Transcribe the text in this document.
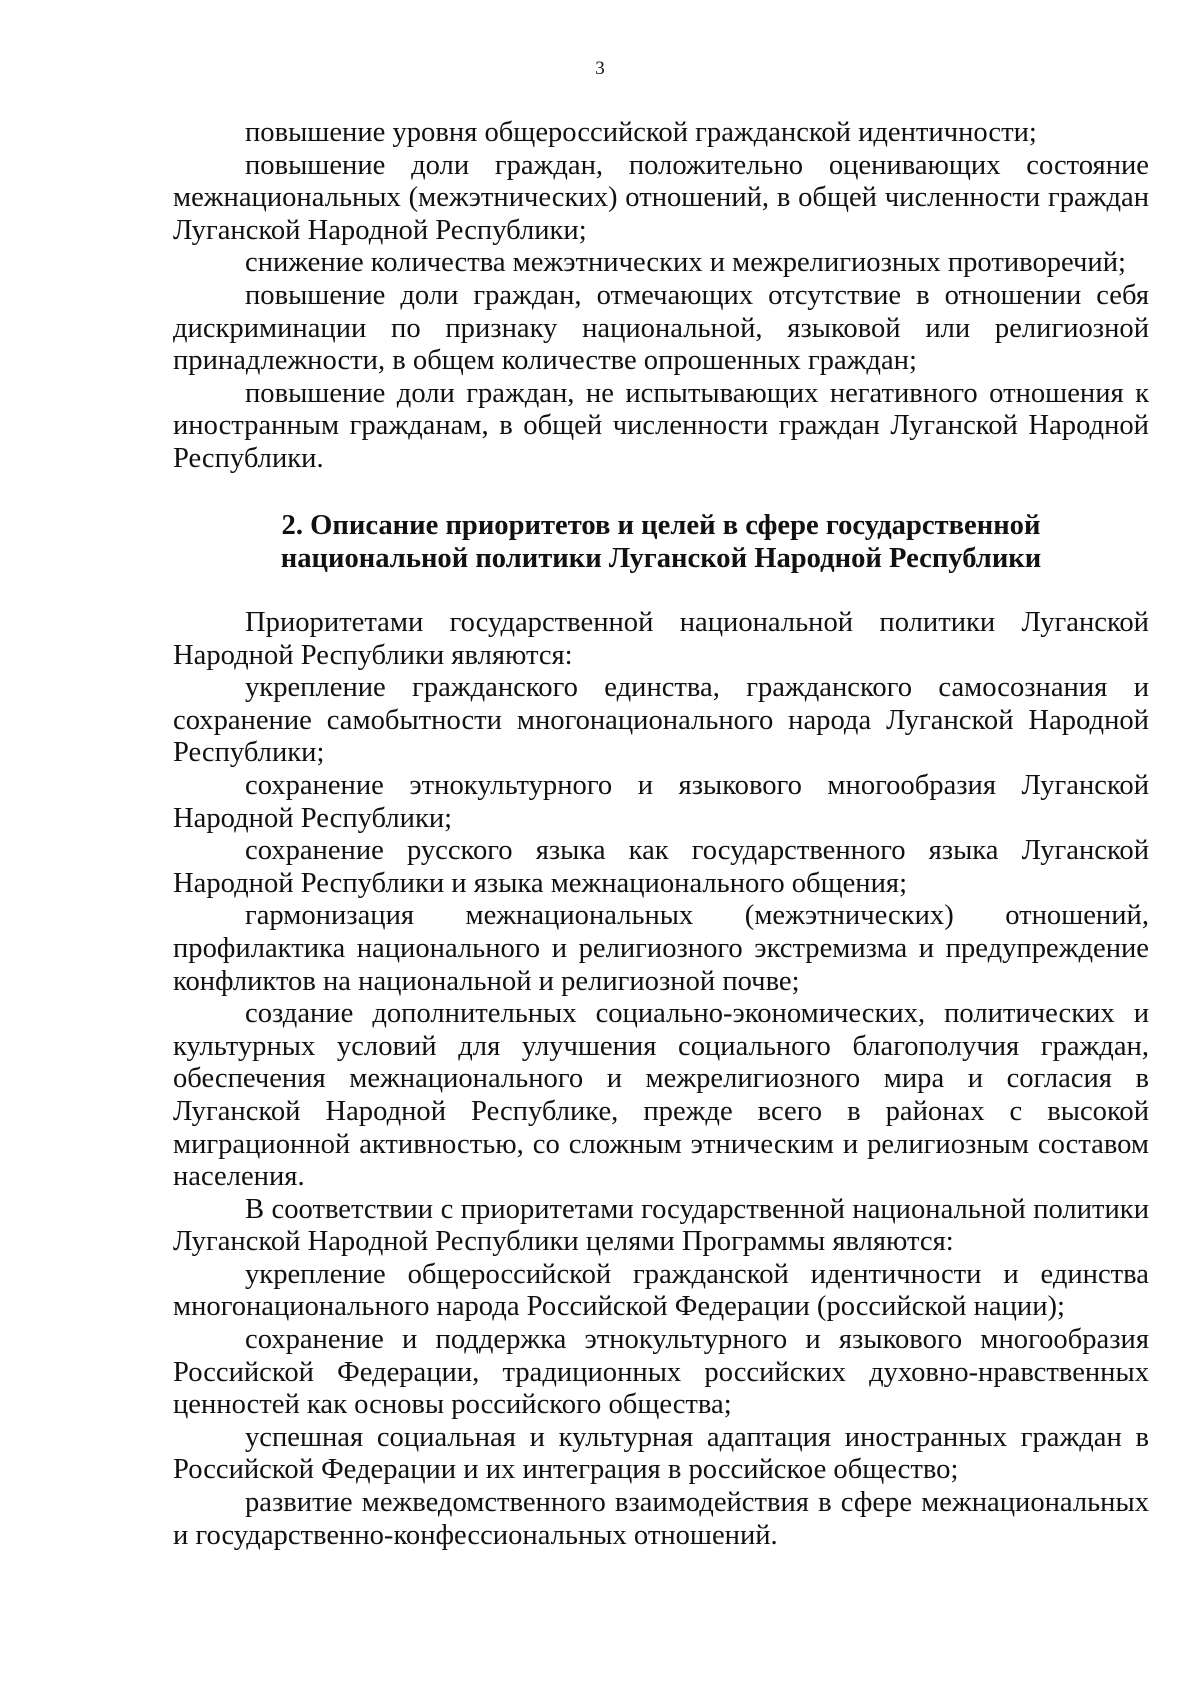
3

повышение уровня общероссийской гражданской идентичности;

повышение доли граждан, положительно оценивающих состояние межнациональных (межэтнических) отношений, в общей численности граждан Луганской Народной Республики;

снижение количества межэтнических и межрелигиозных противоречий;

повышение доли граждан, отмечающих отсутствие в отношении себя дискриминации по признаку национальной, языковой или религиозной принадлежности, в общем количестве опрошенных граждан;

повышение доли граждан, не испытывающих негативного отношения к иностранным гражданам, в общей численности граждан Луганской Народной Республики.

2. Описание приоритетов и целей в сфере государственной
национальной политики Луганской Народной Республики

Приоритетами государственной национальной политики Луганской Народной Республики являются:

укрепление гражданского единства, гражданского самосознания и сохранение самобытности многонационального народа Луганской Народной Республики;

сохранение этнокультурного и языкового многообразия Луганской Народной Республики;

сохранение русского языка как государственного языка Луганской Народной Республики и языка межнационального общения;

гармонизация межнациональных (межэтнических) отношений, профилактика национального и религиозного экстремизма и предупреждение конфликтов на национальной и религиозной почве;

создание дополнительных социально-экономических, политических и культурных условий для улучшения социального благополучия граждан, обеспечения межнационального и межрелигиозного мира и согласия в Луганской Народной Республике, прежде всего в районах с высокой миграционной активностью, со сложным этническим и религиозным составом населения.

В соответствии с приоритетами государственной национальной политики Луганской Народной Республики целями Программы являются:

укрепление общероссийской гражданской идентичности и единства многонационального народа Российской Федерации (российской нации);

сохранение и поддержка этнокультурного и языкового многообразия Российской Федерации, традиционных российских духовно-нравственных ценностей как основы российского общества;

успешная социальная и культурная адаптация иностранных граждан в Российской Федерации и их интеграция в российское общество;

развитие межведомственного взаимодействия в сфере межнациональных и государственно-конфессиональных отношений.
